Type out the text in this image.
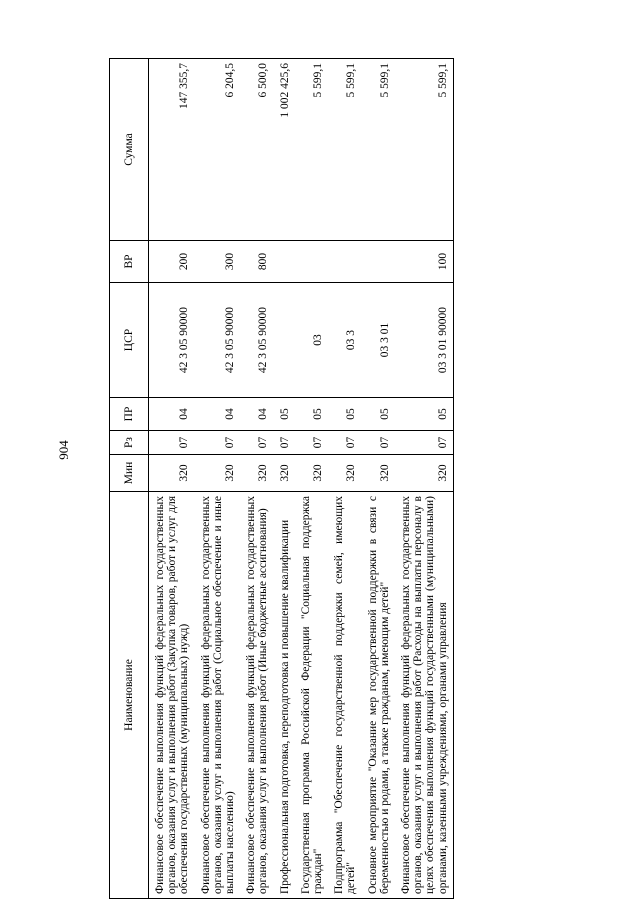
904
Наименование	Мин	Рз	ПР	ЦСР	ВР	Сумма
Финансовое обеспечение выполнения функций федеральных государственных органов, оказания услуг и выполнения работ (Закупка товаров, работ и услуг для обеспечения государственных (муниципальных) нужд)	320	07	04	42 3 05 90000	200	147 355,7
Финансовое обеспечение выполнения функций федеральных государственных органов, оказания услуг и выполнения работ (Социальное обеспечение и иные выплаты населению)	320	07	04	42 3 05 90000	300	6 204,5
Финансовое обеспечение выполнения функций федеральных государственных органов, оказания услуг и выполнения работ (Иные бюджетные ассигнования)	320	07	04	42 3 05 90000	800	6 500,0
Профессиональная подготовка, переподготовка и повышение квалификации	320	07	05			1 002 425,6
Государственная программа Российской Федерации "Социальная поддержка граждан"	320	07	05	03		5 599,1
Подпрограмма "Обеспечение государственной поддержки семей, имеющих детей"	320	07	05	03 3		5 599,1
Основное мероприятие "Оказание мер государственной поддержки в связи с беременностью и родами, а также гражданам, имеющим детей"	320	07	05	03 3 01		5 599,1
Финансовое обеспечение выполнения функций федеральных государственных органов, оказания услуг и выполнения работ (Расходы на выплаты персоналу в целях обеспечения выполнения функций государственными (муниципальными) органами, казенными учреждениями, органами управления	320	07	05	03 3 01 90000	100	5 599,1
